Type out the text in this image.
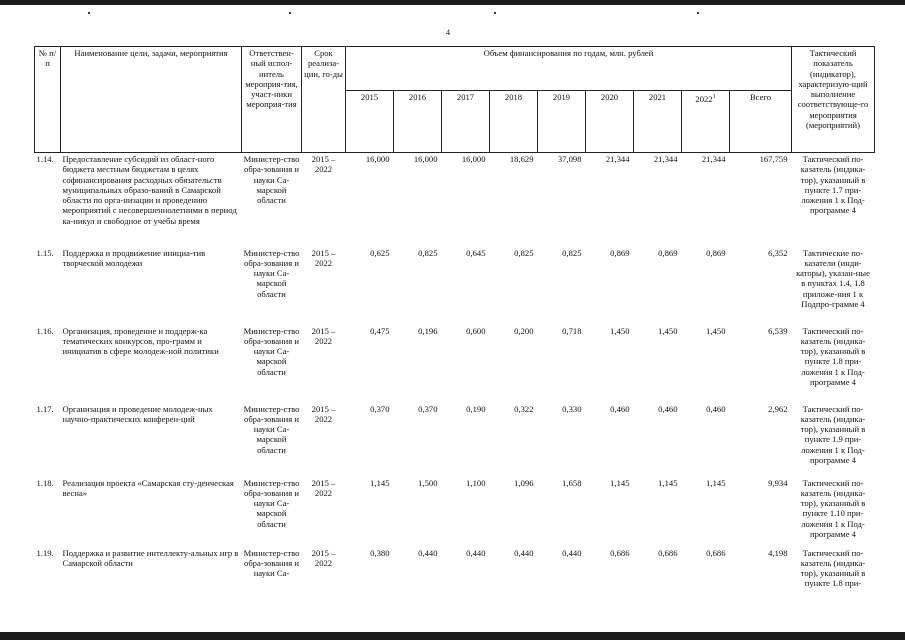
4
№ п/п	Наименование цели, задачи, мероприятия	Ответствен-ный испол-нитель мероприя-тия, участ-ники мероприя-тия	Срок реализа-ции, го-ды	Объем финансирования по годам, млн. рублей									Тактический показатель (индикатор), характеризую-щий выполнение соответствующе-го мероприятия (мероприятий)
				2015	2016	2017	2018	2019	2020	2021	2022$^1$	Всего	
1.14.	Предоставление субсидий из област-ного бюджета местным бюджетам в целях софинансирования расходных обязательств муниципальных образо-ваний в Самарской области по орга-низации и проведению мероприятий с несовершеннолетними в период ка-никул и свободное от учебы время	Министер-ство обра-зования и науки Са-марской области	2015 – 2022	16,000	16,000	16,000	18,629	37,098	21,344	21,344	21,344	167,759	Тактический по-казатель (индика-тор), указанный в пункте 1.7 при-ложения 1 к Под-программе 4
1.15.	Поддержка и продвижение инициа-тив творческой молодежи	Министер-ство обра-зования и науки Са-марской области	2015 – 2022	0,625	0,825	0,645	0,825	0,825	0,869	0,869	0,869	6,352	Тактические по-казатели (инди-каторы), указан-ные в пунктах 1.4, 1.8 приложе-ния 1 к Подпро-грамме 4
1.16.	Организация, проведение и поддерж-ка тематических конкурсов, про-грамм и инициатив в сфере молодеж-ной политики	Министер-ство обра-зования и науки Са-марской области	2015 – 2022	0,475	0,196	0,600	0,200	0,718	1,450	1,450	1,450	6,539	Тактический по-казатель (индика-тор), указанный в пункте 1.8 при-ложения 1 к Под-программе 4
1.17.	Организация и проведение молодеж-ных научно-практических конферен-ций	Министер-ство обра-зования и науки Са-марской области	2015 – 2022	0,370	0,370	0,190	0,322	0,330	0,460	0,460	0,460	2,962	Тактический по-казатель (индика-тор), указанный в пункте 1.9 при-ложения 1 к Под-программе 4
1.18.	Реализация проекта «Самарская сту-денческая весна»	Министер-ство обра-зования и науки Са-марской области	2015 – 2022	1,145	1,500	1,100	1,096	1,658	1,145	1,145	1,145	9,934	Тактический по-казатель (индика-тор), указанный в пункте 1.10 при-ложения 1 к Под-программе 4
1.19.	Поддержка и развитие интеллекту-альных игр в Самарской области	Министер-ство обра-зования и науки Са-	2015 – 2022	0,380	0,440	0,440	0,440	0,440	0,686	0,686	0,686	4,198	Тактический по-казатель (индика-тор), указанный в пункте 1.8 при-
